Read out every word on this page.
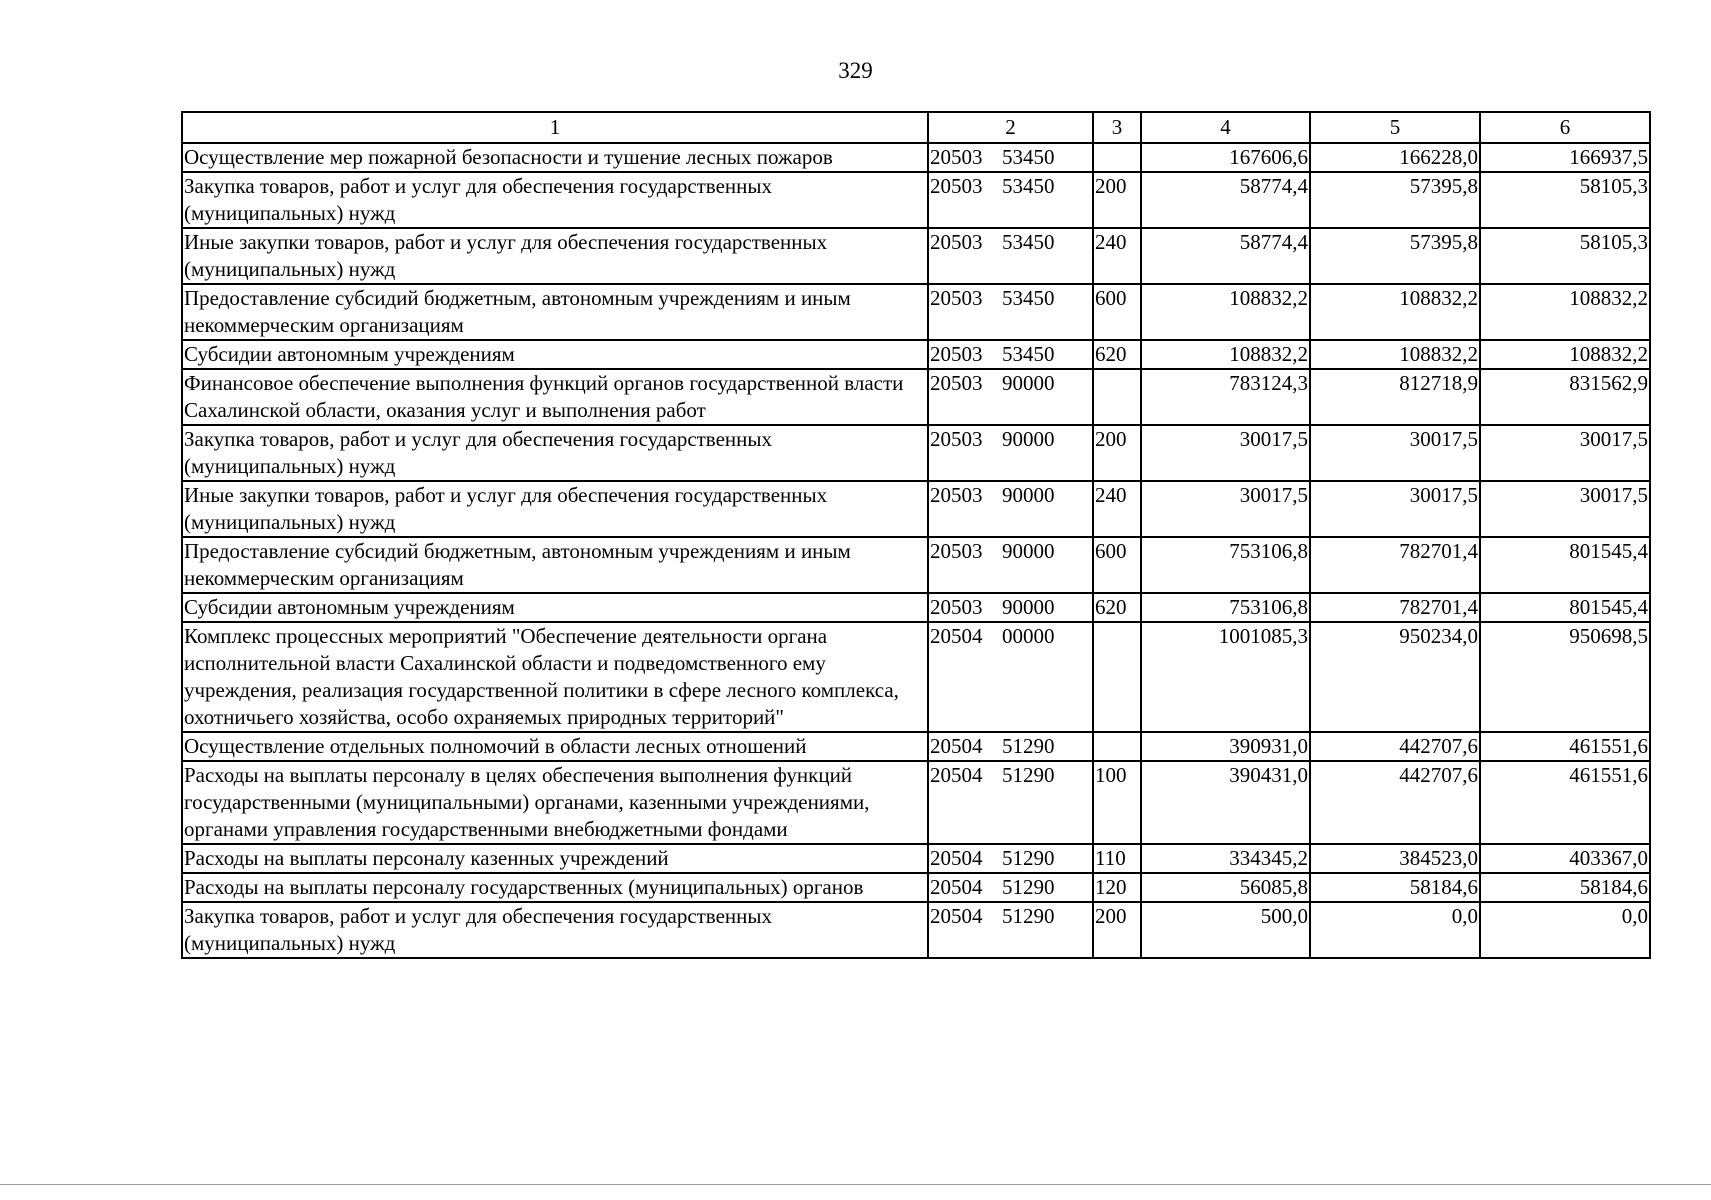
329
1	2	3	4	5	6
Осуществление мер пожарной безопасности и тушение лесных пожаров	20503 53450		167606,6	166228,0	166937,5
Закупка товаров, работ и услуг для обеспечения государственных (муниципальных) нужд	20503 53450	200	58774,4	57395,8	58105,3
Иные закупки товаров, работ и услуг для обеспечения государственных (муниципальных) нужд	20503 53450	240	58774,4	57395,8	58105,3
Предоставление субсидий бюджетным, автономным учреждениям и иным некоммерческим организациям	20503 53450	600	108832,2	108832,2	108832,2
Субсидии автономным учреждениям	20503 53450	620	108832,2	108832,2	108832,2
Финансовое обеспечение выполнения функций органов государственной власти Сахалинской области, оказания услуг и выполнения работ	20503 90000		783124,3	812718,9	831562,9
Закупка товаров, работ и услуг для обеспечения государственных (муниципальных) нужд	20503 90000	200	30017,5	30017,5	30017,5
Иные закупки товаров, работ и услуг для обеспечения государственных (муниципальных) нужд	20503 90000	240	30017,5	30017,5	30017,5
Предоставление субсидий бюджетным, автономным учреждениям и иным некоммерческим организациям	20503 90000	600	753106,8	782701,4	801545,4
Субсидии автономным учреждениям	20503 90000	620	753106,8	782701,4	801545,4
Комплекс процессных мероприятий "Обеспечение деятельности органа исполнительной власти Сахалинской области и подведомственного ему учреждения, реализация государственной политики в сфере лесного комплекса, охотничьего хозяйства, особо охраняемых природных территорий"	20504 00000		1001085,3	950234,0	950698,5
Осуществление отдельных полномочий в области лесных отношений	20504 51290		390931,0	442707,6	461551,6
Расходы на выплаты персоналу в целях обеспечения выполнения функций государственными (муниципальными) органами, казенными учреждениями, органами управления государственными внебюджетными фондами	20504 51290	100	390431,0	442707,6	461551,6
Расходы на выплаты персоналу казенных учреждений	20504 51290	110	334345,2	384523,0	403367,0
Расходы на выплаты персоналу государственных (муниципальных) органов	20504 51290	120	56085,8	58184,6	58184,6
Закупка товаров, работ и услуг для обеспечения государственных (муниципальных) нужд	20504 51290	200	500,0	0,0	0,0
